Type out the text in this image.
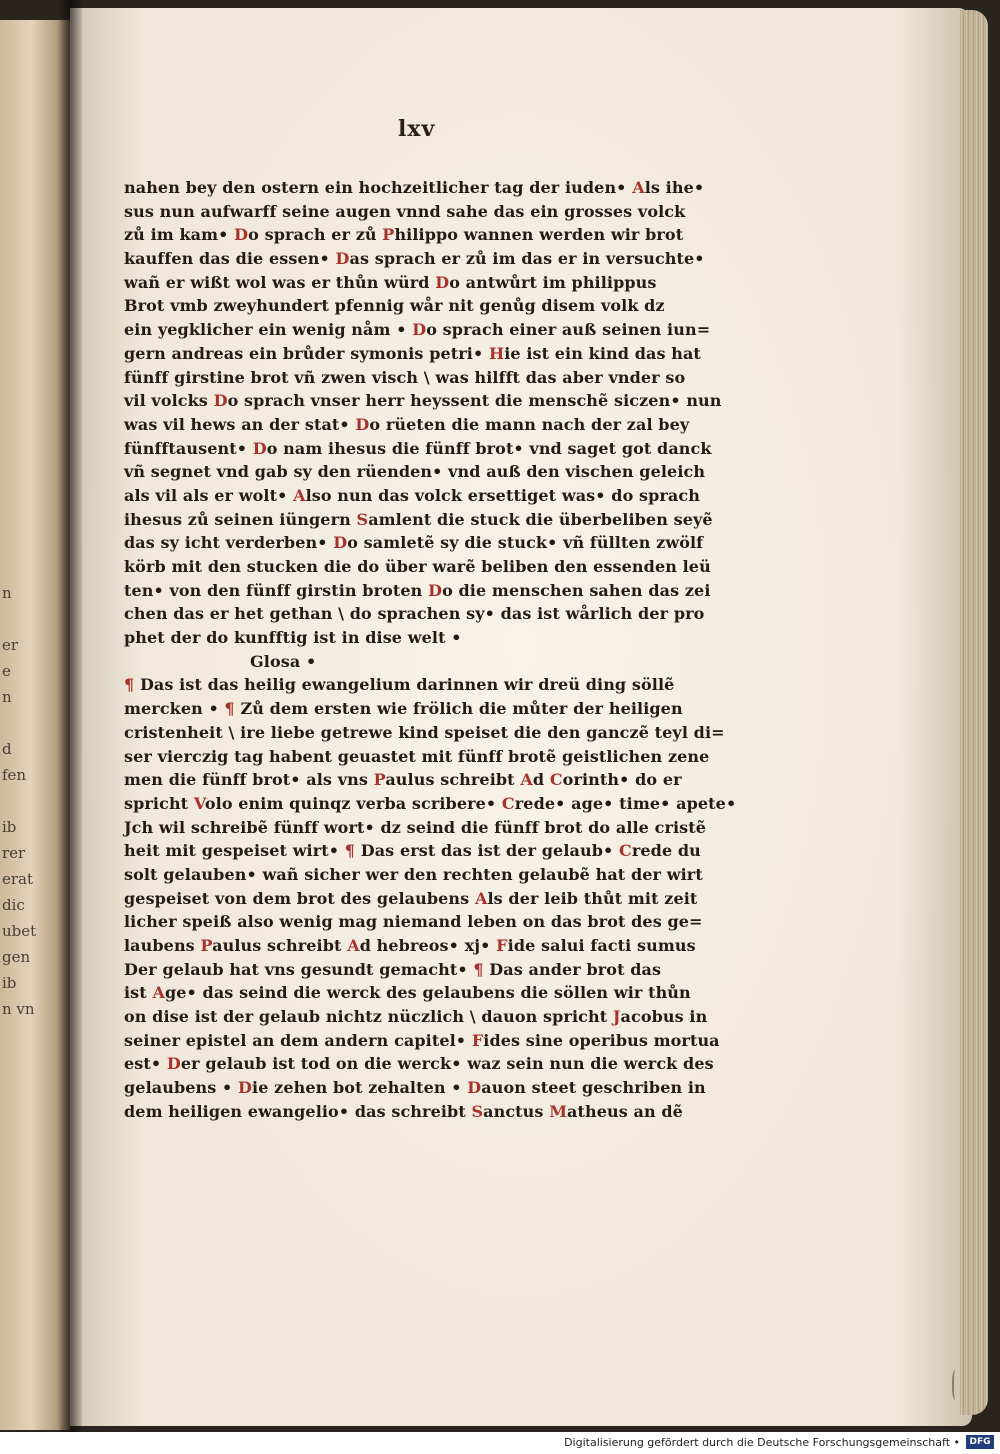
n

er
e
n

d
fen

ib
rer
erat
dic
ubet
gen
ib
n vn
lxv
nahen bey den ostern ein hochzeitlicher tag der iuden• Als ihe•
sus nun aufwarff seine augen vnnd sahe das ein grosses volck
zů im kam• Do sprach er zů Philippo wannen werden wir brot
kauffen das die essen• Das sprach er zů im das er in versuchte•
wañ er wißt wol was er thůn würd Do antwůrt im philippus
Brot vmb zweyhundert pfennig wår nit genůg disem volk dz
ein yegklicher ein wenig nåm • Do sprach einer auß seinen iun=
gern andreas ein brůder symonis petri• Hie ist ein kind das hat
fünff girstine brot vñ zwen visch \ was hilfft das aber vnder so
vil volcks Do sprach vnser herr heyssent die menschẽ siczen• nun
was vil hews an der stat• Do rüeten die mann nach der zal bey
fünfftausent• Do nam ihesus die fünff brot• vnd saget got danck
vñ segnet vnd gab sy den rüenden• vnd auß den vischen geleich
als vil als er wolt• Also nun das volck ersettiget was• do sprach
ihesus zů seinen iüngern Samlent die stuck die überbeliben seyẽ
das sy icht verderben• Do samletẽ sy die stuck• vñ füllten zwölf
körb mit den stucken die do über warẽ beliben den essenden leü
ten• von den fünff girstin broten Do die menschen sahen das zei
chen das er het gethan \ do sprachen sy• das ist wårlich der pro
phet der do kunfftig ist in dise welt •
Glosa •
¶ Das ist das heilig ewangelium darinnen wir dreü ding söllẽ
mercken • ¶ Zů dem ersten wie frölich die můter der heiligen
cristenheit \ ire liebe getrewe kind speiset die den ganczẽ teyl di=
ser vierczig tag habent geuastet mit fünff brotẽ geistlichen zene
men die fünff brot• als vns Paulus schreibt Ad Corinth• do er
spricht Volo enim quinqz verba scribere• Crede• age• time• apete•
Jch wil schreibẽ fünff wort• dz seind die fünff brot do alle cristẽ
heit mit gespeiset wirt• ¶ Das erst das ist der gelaub• Crede du
solt gelauben• wañ sicher wer den rechten gelaubẽ hat der wirt
gespeiset von dem brot des gelaubens Als der leib thůt mit zeit
licher speiß also wenig mag niemand leben on das brot des ge=
laubens Paulus schreibt Ad hebreos• xj• Fide salui facti sumus
Der gelaub hat vns gesundt gemacht• ¶ Das ander brot das
ist Age• das seind die werck des gelaubens die söllen wir thůn
on dise ist der gelaub nichtz nüczlich \ dauon spricht Jacobus in
seiner epistel an dem andern capitel• Fides sine operibus mortua
est• Der gelaub ist tod on die werck• waz sein nun die werck des
gelaubens • Die zehen bot zehalten • Dauon steet geschriben in
dem heiligen ewangelio• das schreibt Sanctus Matheus an dẽ
Digitalisierung gefördert durch die Deutsche Forschungsgemeinschaft •	DFG
